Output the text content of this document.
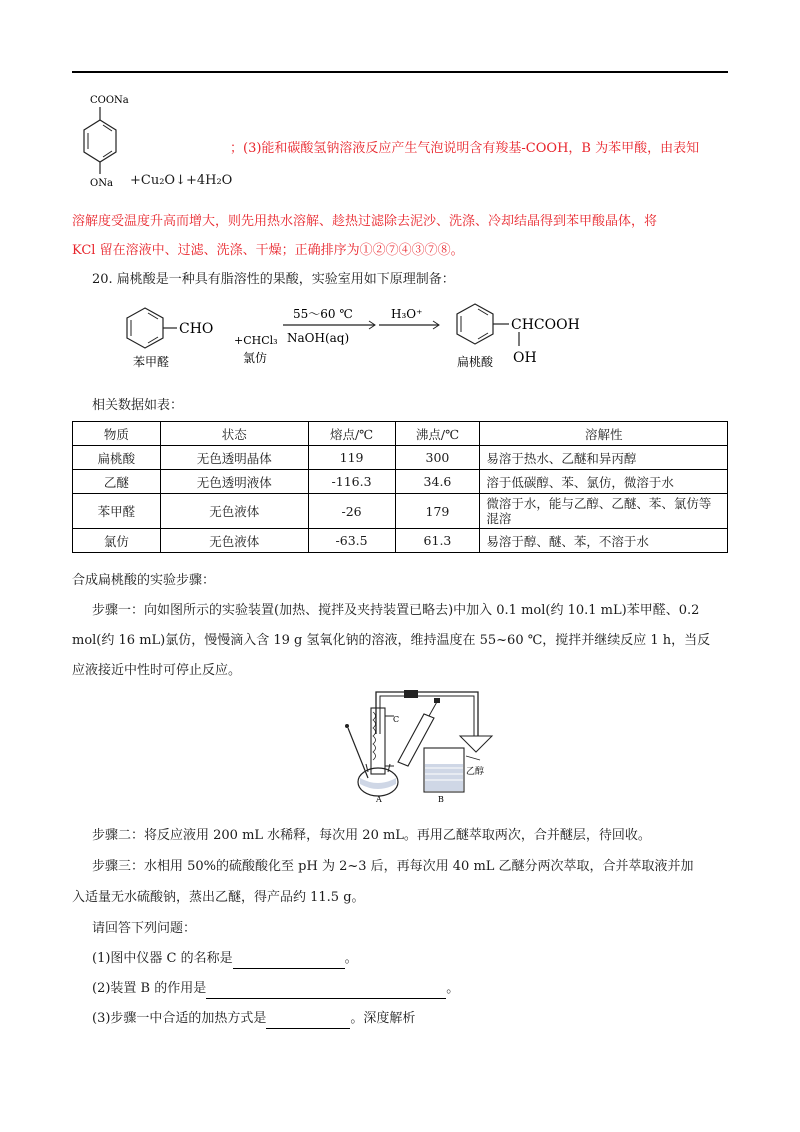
COONa
ONa +Cu₂O↓+4H₂O
；(3)能和碳酸氢钠溶液反应产生气泡说明含有羧基-COOH，B 为苯甲酸，由表知
溶解度受温度升高而增大，则先用热水溶解、趁热过滤除去泥沙、洗涤、冷却结晶得到苯甲酸晶体，将
KCl 留在溶液中、过滤、洗涤、干燥；正确排序为①②⑦④③⑦⑧。
20. 扁桃酸是一种具有脂溶性的果酸，实验室用如下原理制备：
CHO
苯甲醛
+CHCl₃
氯仿
55～60 ℃
NaOH(aq)
H₃O⁺
CHCOOH
OH
扁桃酸
相关数据如表：
物质	状态	熔点/℃	沸点/℃	溶解性
扁桃酸	无色透明晶体	119	300	易溶于热水、乙醚和异丙醇
乙醚	无色透明液体	-116.3	34.6	溶于低碳醇、苯、氯仿，微溶于水
苯甲醛	无色液体	-26	179	微溶于水，能与乙醇、乙醚、苯、氯仿等混溶
氯仿	无色液体	-63.5	61.3	易溶于醇、醚、苯，不溶于水
合成扁桃酸的实验步骤：
步骤一：向如图所示的实验装置(加热、搅拌及夹持装置已略去)中加入 0.1 mol(约 10.1 mL)苯甲醛、0.2
mol(约 16 mL)氯仿，慢慢滴入含 19 g 氢氧化钠的溶液，维持温度在 55~60 ℃，搅拌并继续反应 1 h，当反
应液接近中性时可停止反应。
C
A
乙醇
B
步骤二：将反应液用 200 mL 水稀释，每次用 20 mL。再用乙醚萃取两次，合并醚层，待回收。
步骤三：水相用 50%的硫酸酸化至 pH 为 2~3 后，再每次用 40 mL 乙醚分两次萃取，合并萃取液并加
入适量无水硫酸钠，蒸出乙醚，得产品约 11.5 g。
请回答下列问题：
(1)图中仪器 C 的名称是	。
(2)装置 B 的作用是	。
(3)步骤一中合适的加热方式是	。深度解析
